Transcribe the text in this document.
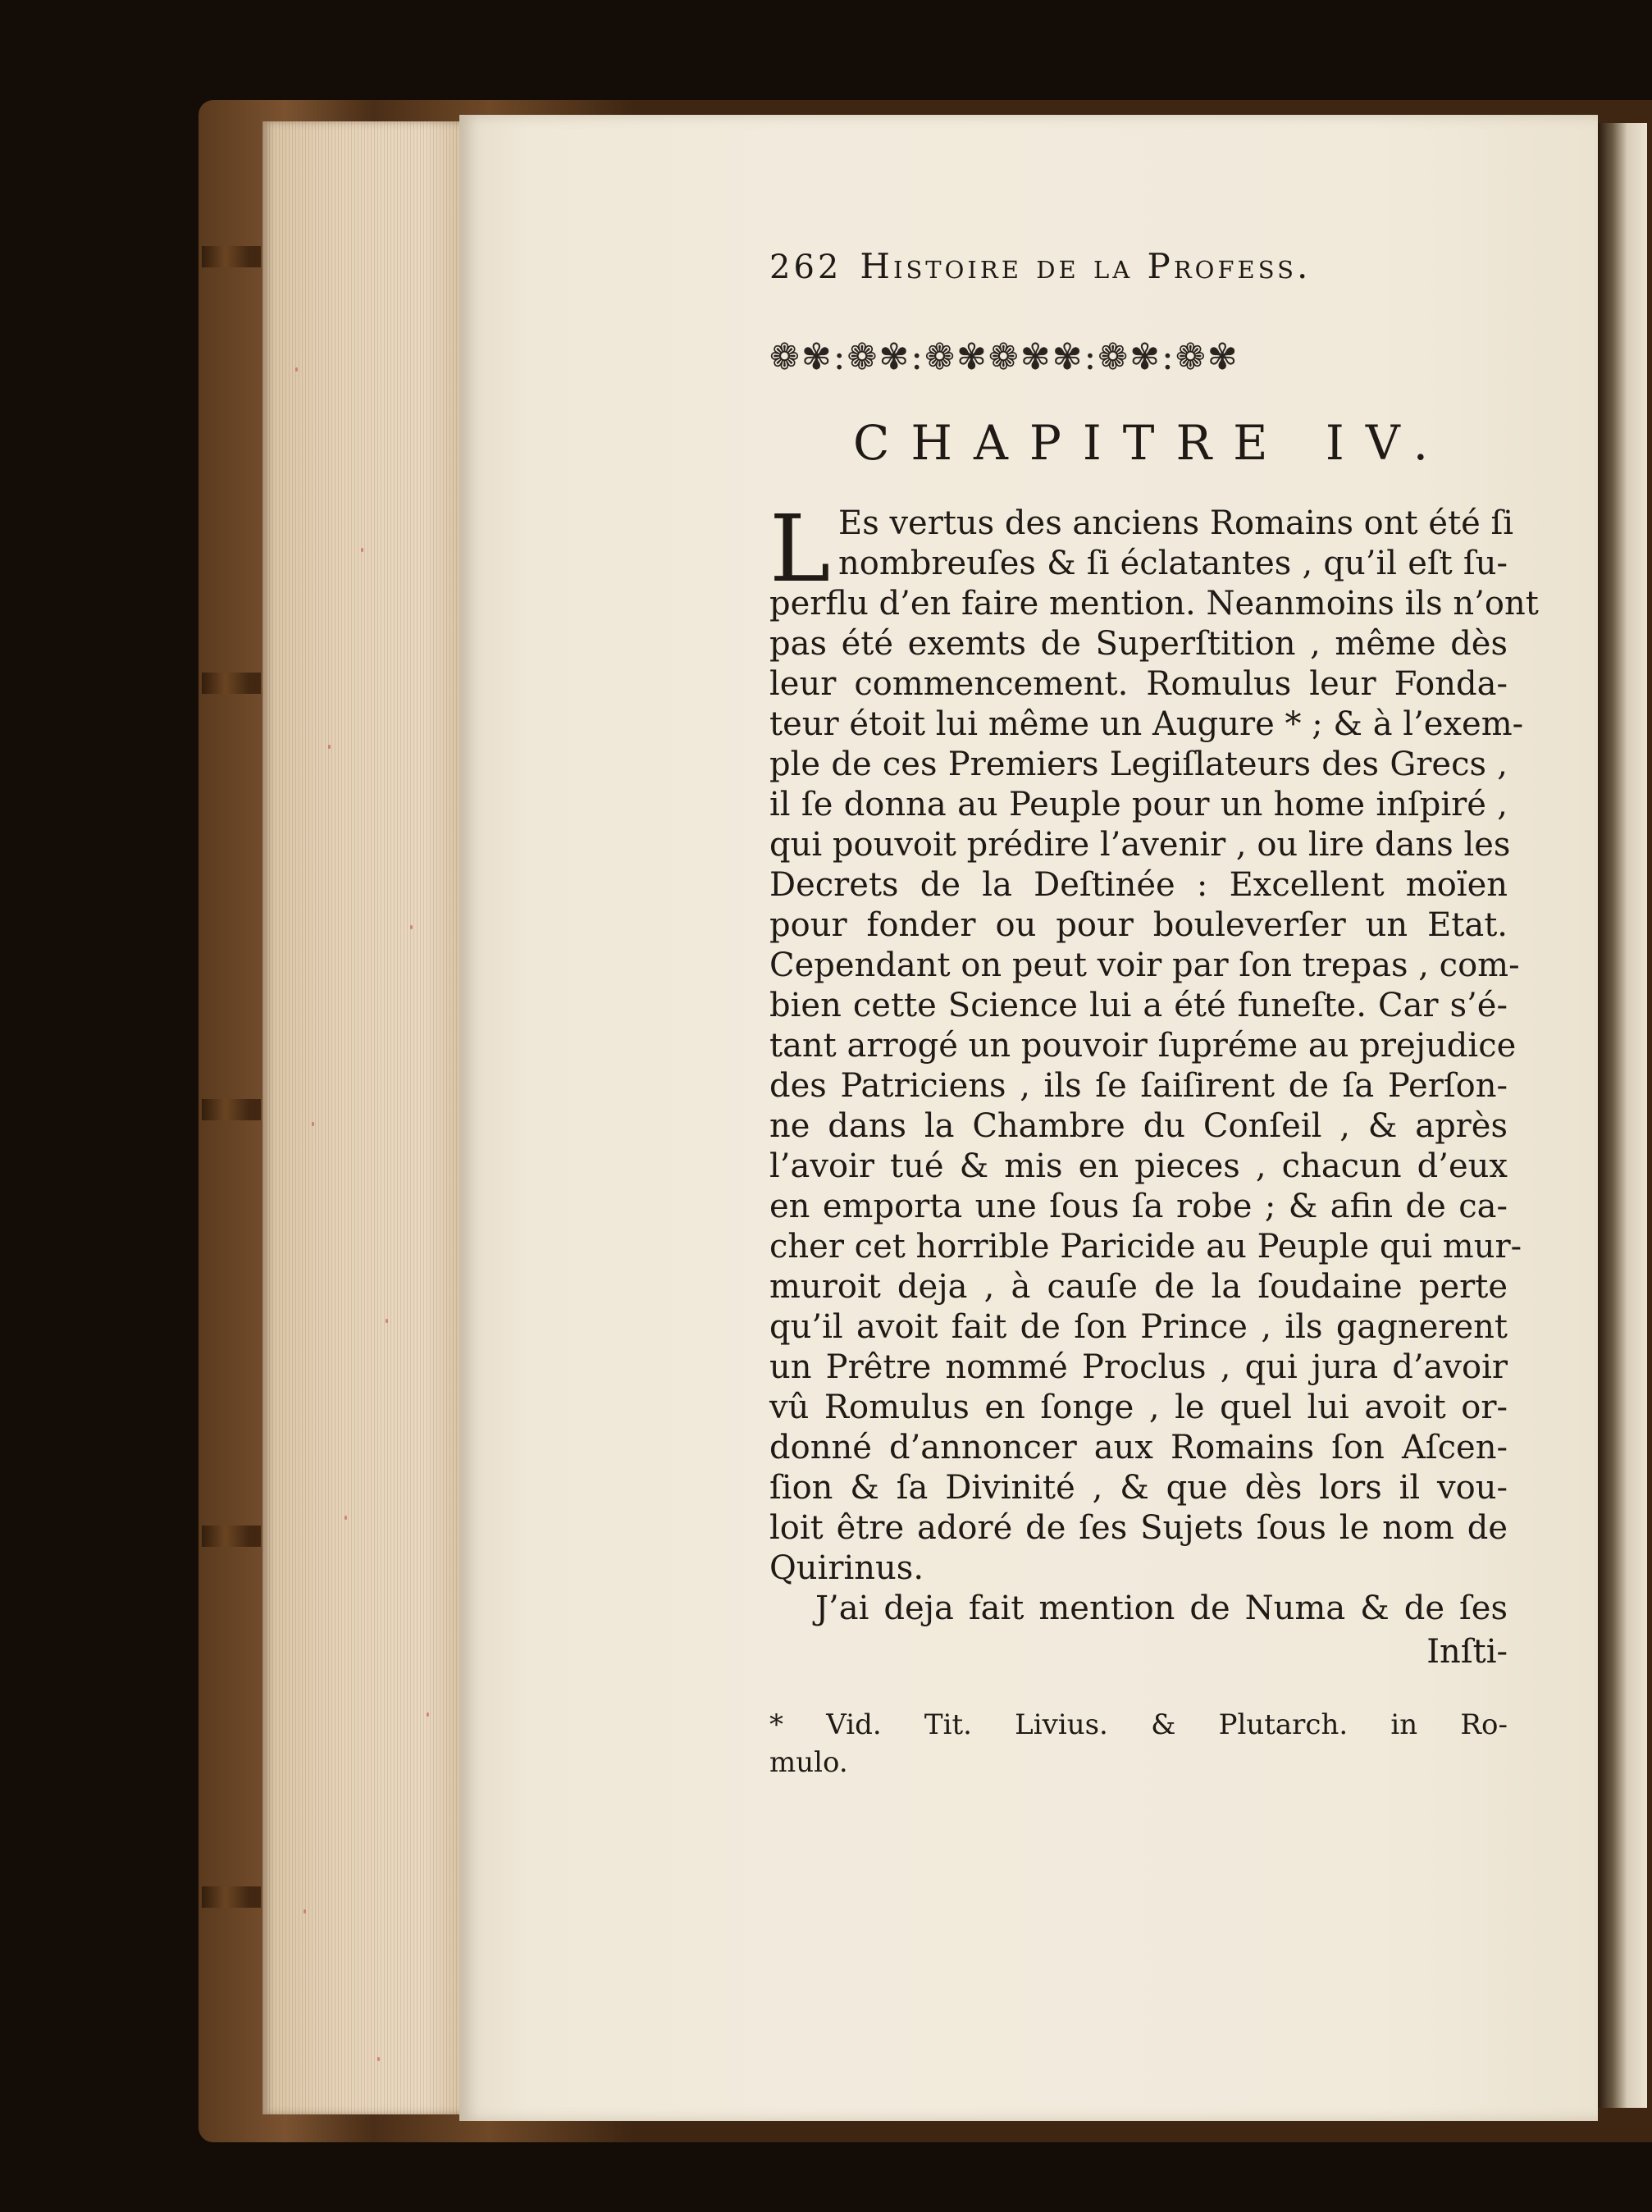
262 Histoire de la Profess.
❁✾:❁✾:❁✾❁✾✾:❁✾:❁✾
CHAPITRE IV.
L Es vertus des anciens Romains ont été ſi
nombreuſes & ſi éclatantes , qu’il eſt ſu-
perflu d’en faire mention. Neanmoins ils n’ont
pas été exemts de Superſtition , même dès
leur commencement. Romulus leur Fonda-
teur étoit lui même un Augure * ; & à l’exem-
ple de ces Premiers Legiſlateurs des Grecs ,
il ſe donna au Peuple pour un home inſpiré ,
qui pouvoit prédire l’avenir , ou lire dans les
Decrets de la Deſtinée : Excellent moïen
pour fonder ou pour bouleverſer un Etat.
Cependant on peut voir par ſon trepas , com-
bien cette Science lui a été funeſte. Car s’é-
tant arrogé un pouvoir ſupréme au prejudice
des Patriciens , ils ſe ſaiſirent de ſa Perſon-
ne dans la Chambre du Conſeil , & après
l’avoir tué & mis en pieces , chacun d’eux
en emporta une ſous ſa robe ; & afin de ca-
cher cet horrible Paricide au Peuple qui mur-
muroit deja , à cauſe de la ſoudaine perte
qu’il avoit fait de ſon Prince , ils gagnerent
un Prêtre nommé Proclus , qui jura d’avoir
vû Romulus en ſonge , le quel lui avoit or-
donné d’annoncer aux Romains ſon Aſcen-
ſion & ſa Divinité , & que dès lors il vou-
loit être adoré de ſes Sujets ſous le nom de
Quirinus.
J’ai deja fait mention de Numa & de ſes
Inſti-
* Vid. Tit. Livius. & Plutarch. in Ro-
mulo.
